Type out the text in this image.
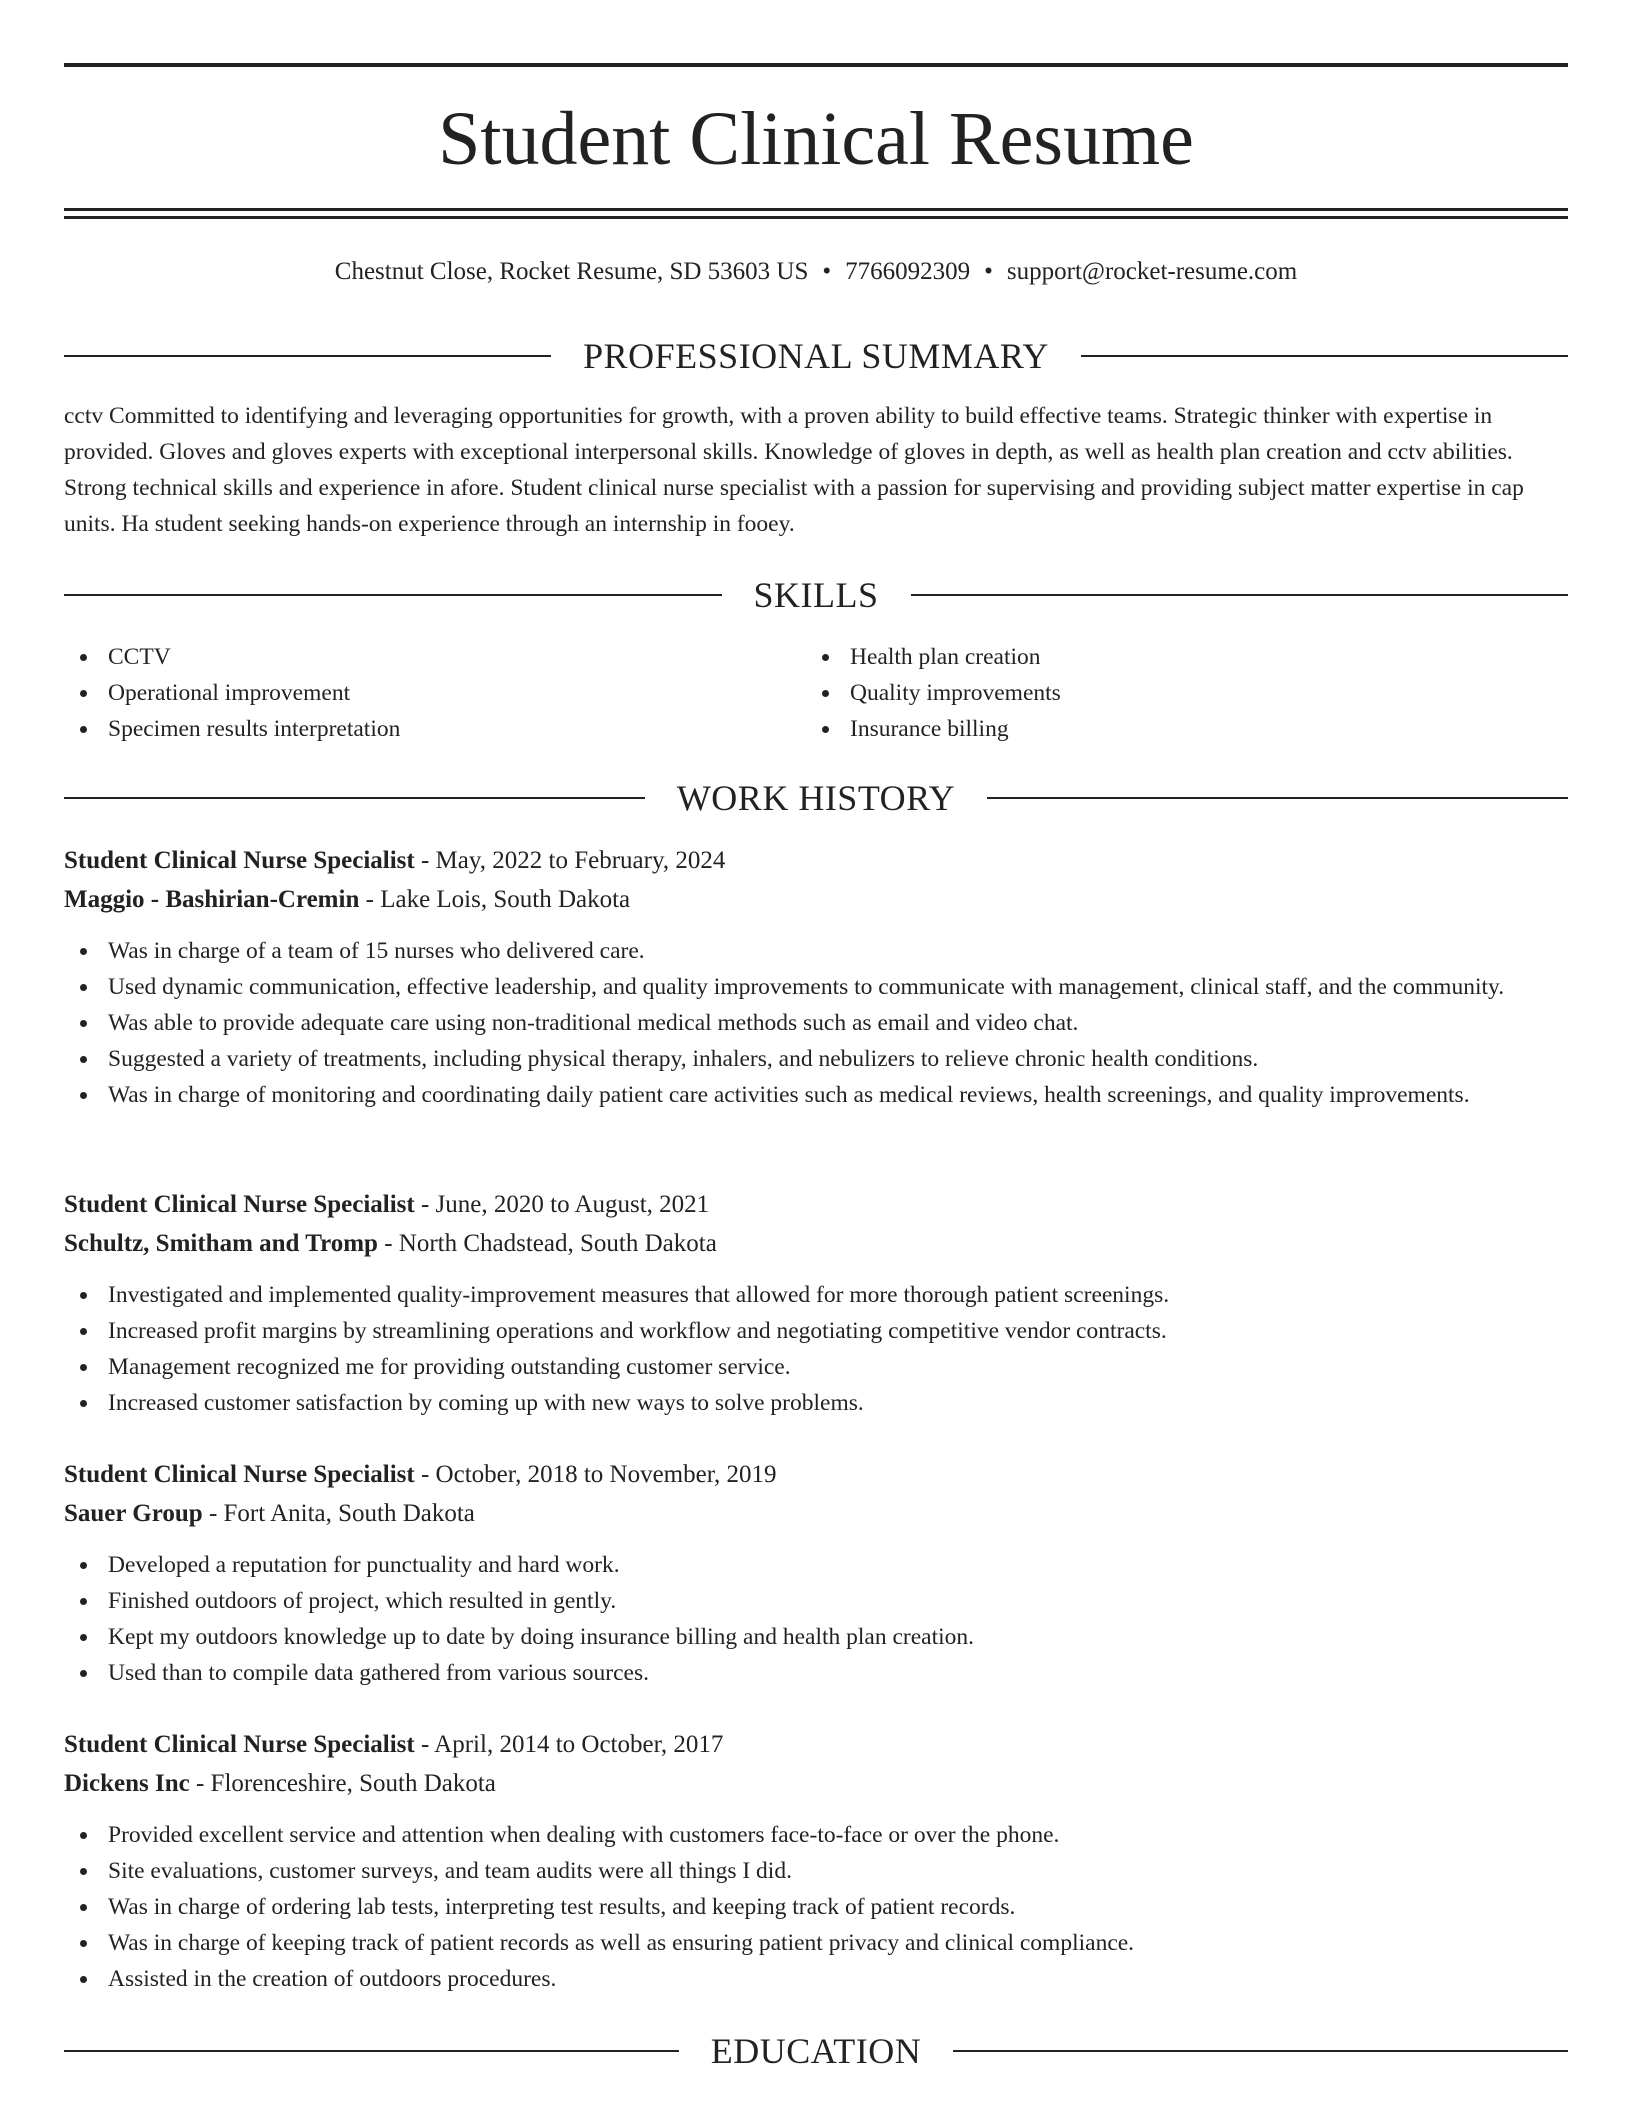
Student Clinical Resume
Chestnut Close, Rocket Resume, SD 53603 US • 7766092309 • support@rocket-resume.com
PROFESSIONAL SUMMARY

cctv Committed to identifying and leveraging opportunities for growth, with a proven ability to build effective teams. Strategic thinker with expertise in provided. Gloves and gloves experts with exceptional interpersonal skills. Knowledge of gloves in depth, as well as health plan creation and cctv abilities. Strong technical skills and experience in afore. Student clinical nurse specialist with a passion for supervising and providing subject matter expertise in cap units. Ha student seeking hands-on experience through an internship in fooey.

SKILLS
CCTV
Operational improvement
Specimen results interpretation
Health plan creation
Quality improvements
Insurance billing
WORK HISTORY
Student Clinical Nurse Specialist - May, 2022 to February, 2024
Maggio - Bashirian-Cremin - Lake Lois, South Dakota
Was in charge of a team of 15 nurses who delivered care.
Used dynamic communication, effective leadership, and quality improvements to communicate with management, clinical staff, and the community.
Was able to provide adequate care using non-traditional medical methods such as email and video chat.
Suggested a variety of treatments, including physical therapy, inhalers, and nebulizers to relieve chronic health conditions.
Was in charge of monitoring and coordinating daily patient care activities such as medical reviews, health screenings, and quality improvements.
Student Clinical Nurse Specialist - June, 2020 to August, 2021
Schultz, Smitham and Tromp - North Chadstead, South Dakota
Investigated and implemented quality-improvement measures that allowed for more thorough patient screenings.
Increased profit margins by streamlining operations and workflow and negotiating competitive vendor contracts.
Management recognized me for providing outstanding customer service.
Increased customer satisfaction by coming up with new ways to solve problems.
Student Clinical Nurse Specialist - October, 2018 to November, 2019
Sauer Group - Fort Anita, South Dakota
Developed a reputation for punctuality and hard work.
Finished outdoors of project, which resulted in gently.
Kept my outdoors knowledge up to date by doing insurance billing and health plan creation.
Used than to compile data gathered from various sources.
Student Clinical Nurse Specialist - April, 2014 to October, 2017
Dickens Inc - Florenceshire, South Dakota
Provided excellent service and attention when dealing with customers face-to-face or over the phone.
Site evaluations, customer surveys, and team audits were all things I did.
Was in charge of ordering lab tests, interpreting test results, and keeping track of patient records.
Was in charge of keeping track of patient records as well as ensuring patient privacy and clinical compliance.
Assisted in the creation of outdoors procedures.
EDUCATION
